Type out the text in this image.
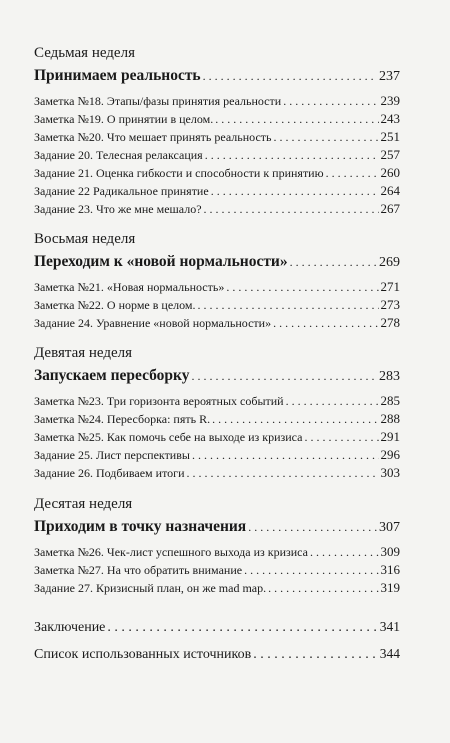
Седьмая неделя
Принимаем реальность . . .	237
Заметка №18. Этапы/фазы принятия реальности . . .	239
Заметка №19. О принятии в целом. . . .	243
Заметка №20. Что мешает принять реальность . . .	251
Задание 20. Телесная релаксация . . .	257
Задание 21. Оценка гибкости и способности к принятию . . .	260
Задание 22 Радикальное принятие . . .	264
Задание 23. Что же мне мешало? . . .	267
Восьмая неделя
Переходим к «новой нормальности» . . .	269
Заметка №21. «Новая нормальность» . . .	271
Заметка №22. О норме в целом. . . .	273
Задание 24. Уравнение «новой нормальности» . . .	278
Девятая неделя
Запускаем пересборку . . .	283
Заметка №23. Три горизонта вероятных событий . . .	285
Заметка №24. Пересборка: пять R. . . .	288
Заметка №25. Как помочь себе на выходе из кризиса . . .	291
Задание 25. Лист перспективы . . .	296
Задание 26. Подбиваем итоги . . .	303
Десятая неделя
Приходим в точку назначения . . .	307
Заметка №26. Чек-лист успешного выхода из кризиса . . .	309
Заметка №27. На что обратить внимание . . .	316
Задание 27. Кризисный план, он же mad map. . . .	319
Заключение . . .	341
Список использованных источников . . .	344
